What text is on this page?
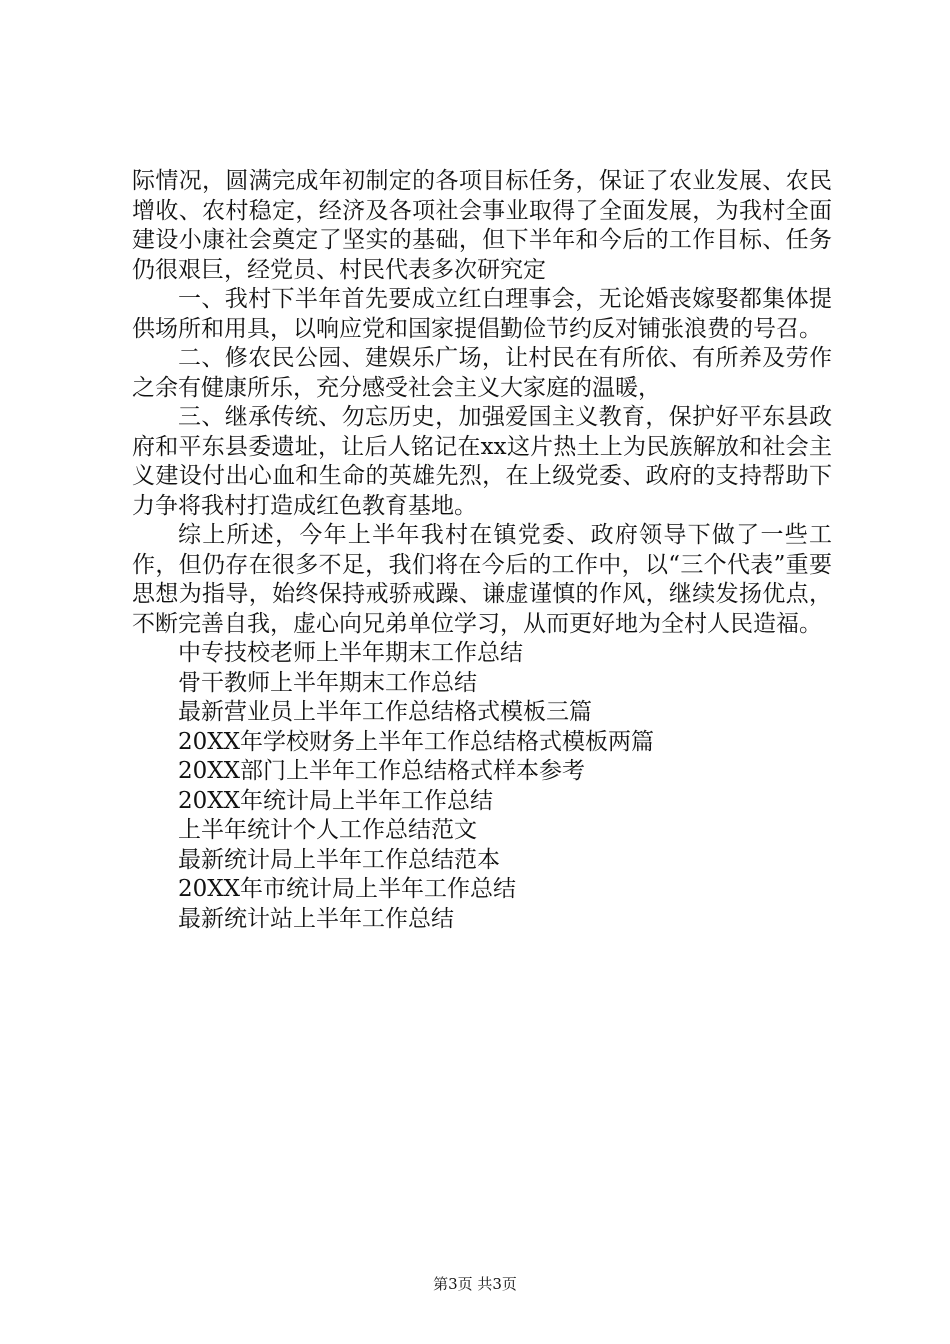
际情况，圆满完成年初制定的各项目标任务，保证了农业发展、农民增收、农村稳定，经济及各项社会事业取得了全面发展，为我村全面建设小康社会奠定了坚实的基础，但下半年和今后的工作目标、任务仍很艰巨，经党员、村民代表多次研究定

一、我村下半年首先要成立红白理事会，无论婚丧嫁娶都集体提供场所和用具，以响应党和国家提倡勤俭节约反对铺张浪费的号召。

二、修农民公园、建娱乐广场，让村民在有所依、有所养及劳作之余有健康所乐，充分感受社会主义大家庭的温暖，

三、继承传统、勿忘历史，加强爱国主义教育，保护好平东县政府和平东县委遗址，让后人铭记在xx这片热土上为民族解放和社会主义建设付出心血和生命的英雄先烈，在上级党委、政府的支持帮助下力争将我村打造成红色教育基地。

综上所述，今年上半年我村在镇党委、政府领导下做了一些工作，但仍存在很多不足，我们将在今后的工作中，以“三个代表”重要思想为指导，始终保持戒骄戒躁、谦虚谨慎的作风，继续发扬优点，不断完善自我，虚心向兄弟单位学习，从而更好地为全村人民造福。

中专技校老师上半年期末工作总结
骨干教师上半年期末工作总结
最新营业员上半年工作总结格式模板三篇
20XX年学校财务上半年工作总结格式模板两篇
20XX部门上半年工作总结格式样本参考
20XX年统计局上半年工作总结
上半年统计个人工作总结范文
最新统计局上半年工作总结范本
20XX年市统计局上半年工作总结
最新统计站上半年工作总结
第3页 共3页
